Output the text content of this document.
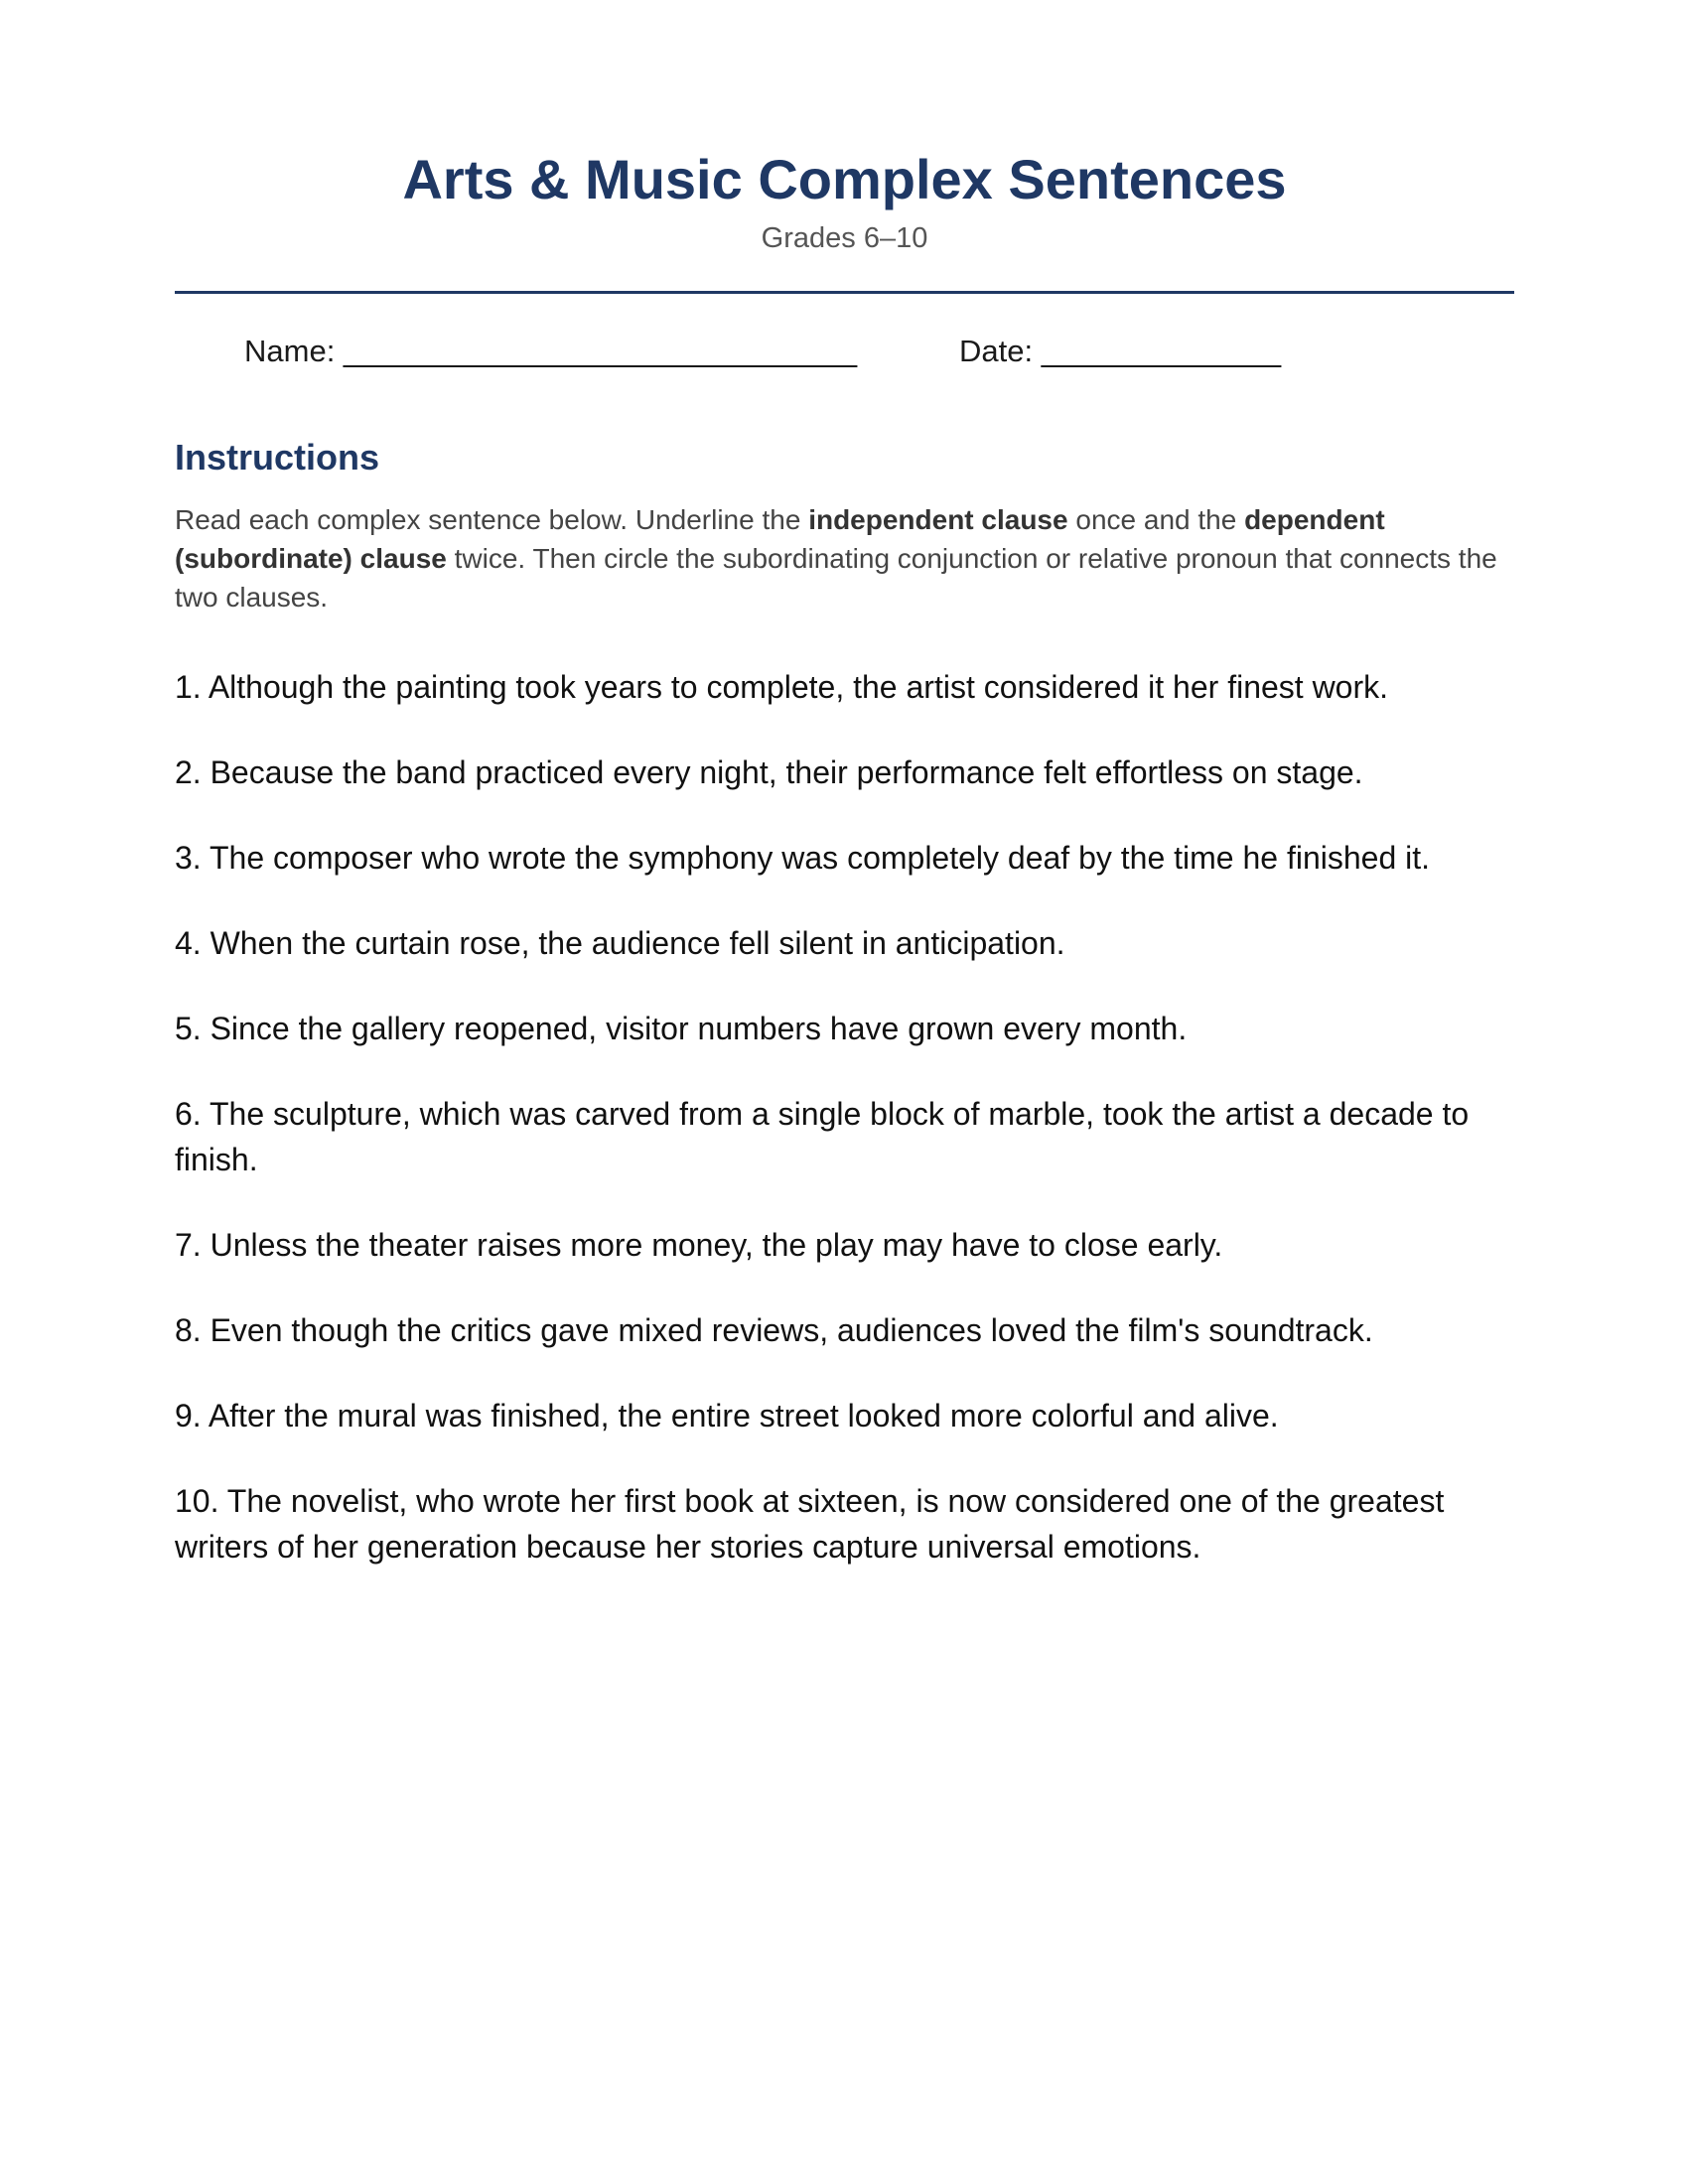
Arts & Music Complex Sentences
Grades 6–10
Name: ______________________________	Date: ______________
Instructions
Read each complex sentence below. Underline the independent clause once and the dependent (subordinate) clause twice. Then circle the subordinating conjunction or relative pronoun that connects the two clauses.
1. Although the painting took years to complete, the artist considered it her finest work.
2. Because the band practiced every night, their performance felt effortless on stage.
3. The composer who wrote the symphony was completely deaf by the time he finished it.
4. When the curtain rose, the audience fell silent in anticipation.
5. Since the gallery reopened, visitor numbers have grown every month.
6. The sculpture, which was carved from a single block of marble, took the artist a decade to finish.
7. Unless the theater raises more money, the play may have to close early.
8. Even though the critics gave mixed reviews, audiences loved the film's soundtrack.
9. After the mural was finished, the entire street looked more colorful and alive.
10. The novelist, who wrote her first book at sixteen, is now considered one of the greatest writers of her generation because her stories capture universal emotions.
